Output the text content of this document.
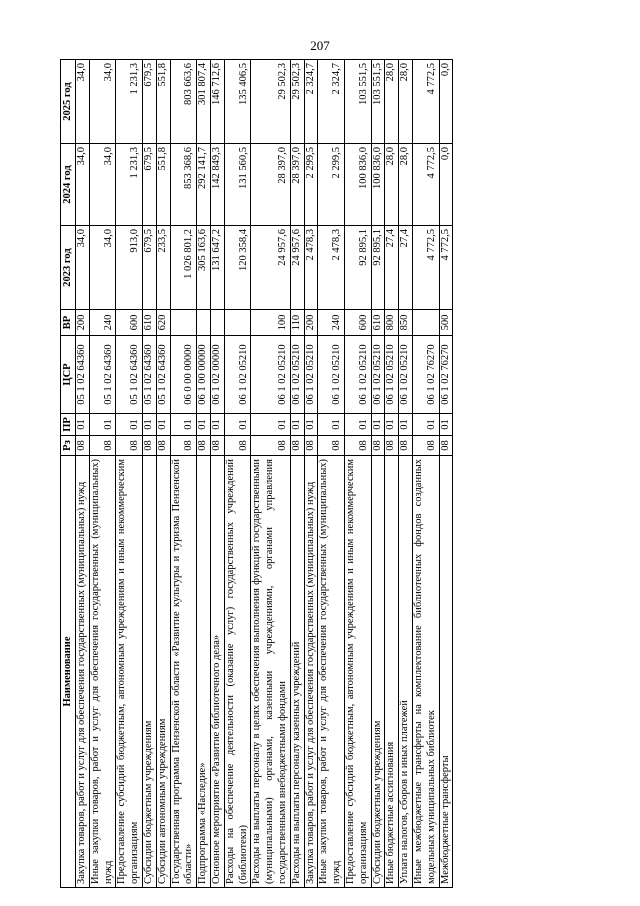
207
Наименование	Рз	ПР	ЦСР	ВР	2023 год	2024 год	2025 год
Закупка товаров, работ и услуг для обеспечения государственных (муниципальных) нужд	08	01	05 1 02 64360	200	34,0	34,0	34,0
Иные закупки товаров, работ и услуг для обеспечения государственных (муниципальных) нужд	08	01	05 1 02 64360	240	34,0	34,0	34,0
Предоставление субсидий бюджетным, автономным учреждениям и иным некоммерческим организациям	08	01	05 1 02 64360	600	913,0	1 231,3	1 231,3
Субсидии бюджетным учреждениям	08	01	05 1 02 64360	610	679,5	679,5	679,5
Субсидии автономным учреждениям	08	01	05 1 02 64360	620	233,5	551,8	551,8
Государственная программа Пензенской области «Развитие культуры и туризма Пензенской области»	08	01	06 0 00 00000		1 026 801,2	853 368,6	803 663,6
Подпрограмма «Наследие»	08	01	06 1 00 00000		305 163,6	292 141,7	301 807,4
Основное мероприятие «Развитие библиотечного дела»	08	01	06 1 02 00000		131 647,2	142 849,3	146 712,6
Расходы на обеспечение деятельности (оказание услуг) государственных учреждений (библиотеки)	08	01	06 1 02 05210		120 358,4	131 560,5	135 406,5
Расходы на выплаты персоналу в целях обеспечения выполнения функций государственными (муниципальными) органами, казенными учреждениями, органами управления государственными внебюджетными фондами	08	01	06 1 02 05210	100	24 957,6	28 397,0	29 502,3
Расходы на выплаты персоналу казенных учреждений	08	01	06 1 02 05210	110	24 957,6	28 397,0	29 502,3
Закупка товаров, работ и услуг для обеспечения государственных (муниципальных) нужд	08	01	06 1 02 05210	200	2 478,3	2 299,5	2 324,7
Иные закупки товаров, работ и услуг для обеспечения государственных (муниципальных) нужд	08	01	06 1 02 05210	240	2 478,3	2 299,5	2 324,7
Предоставление субсидий бюджетным, автономным учреждениям и иным некоммерческим организациям	08	01	06 1 02 05210	600	92 895,1	100 836,0	103 551,5
Субсидии бюджетным учреждениям	08	01	06 1 02 05210	610	92 895,1	100 836,0	103 551,5
Иные бюджетные ассигнования	08	01	06 1 02 05210	800	27,4	28,0	28,0
Уплата налогов, сборов и иных платежей	08	01	06 1 02 05210	850	27,4	28,0	28,0
Иные межбюджетные трансферты на комплектование библиотечных фондов созданных модельных муниципальных библиотек	08	01	06 1 02 76270		4 772,5	4 772,5	4 772,5
Межбюджетные трансферты	08	01	06 1 02 76270	500	4 772,5	0,0	0,0
